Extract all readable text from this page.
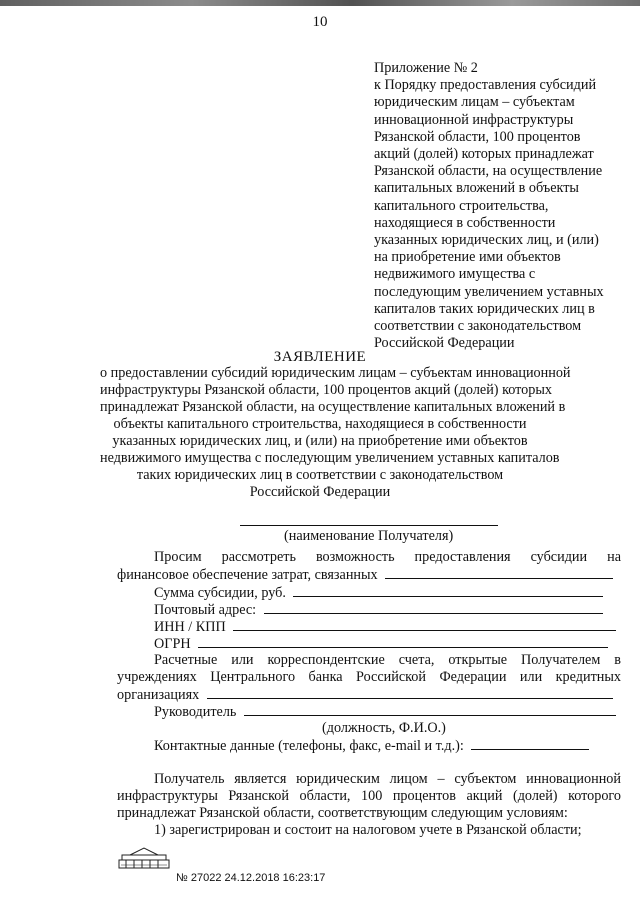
10
Приложение № 2
к Порядку предоставления субсидий
юридическим лицам – субъектам
инновационной инфраструктуры
Рязанской области, 100 процентов
акций (долей) которых принадлежат
Рязанской области, на осуществление
капитальных вложений в объекты
капитального строительства,
находящиеся в собственности
указанных юридических лиц, и (или)
на приобретение ими объектов
недвижимого имущества с
последующим увеличением уставных
капиталов таких юридических лиц в
соответствии с законодательством
Российской Федерации
ЗАЯВЛЕНИЕ
о предоставлении субсидий юридическим лицам – субъектам инновационной
инфраструктуры Рязанской области, 100 процентов акций (долей) которых
принадлежат Рязанской области, на осуществление капитальных вложений в
объекты капитального строительства, находящиеся в собственности
указанных юридических лиц, и (или) на приобретение ими объектов
недвижимого имущества с последующим увеличением уставных капиталов
таких юридических лиц в соответствии с законодательством
Российской Федерации
(наименование Получателя)
Просим рассмотреть возможность предоставления субсидии на
финансовое обеспечение затрат, связанных
Сумма субсидии, руб.
Почтовый адрес:
ИНН / КПП
ОГРН
Расчетные или корреспондентские счета, открытые Получателем в
учреждениях Центрального банка Российской Федерации или кредитных
организациях
Руководитель
(должность, Ф.И.О.)
Контактные данные (телефоны, факс, e-mail и т.д.):
Получатель является юридическим лицом – субъектом инновационной
инфраструктуры Рязанской области, 100 процентов акций (долей) которого
принадлежат Рязанской области, соответствующим следующим условиям:
1) зарегистрирован и состоит на налоговом учете в Рязанской области;
№ 27022 24.12.2018 16:23:17
